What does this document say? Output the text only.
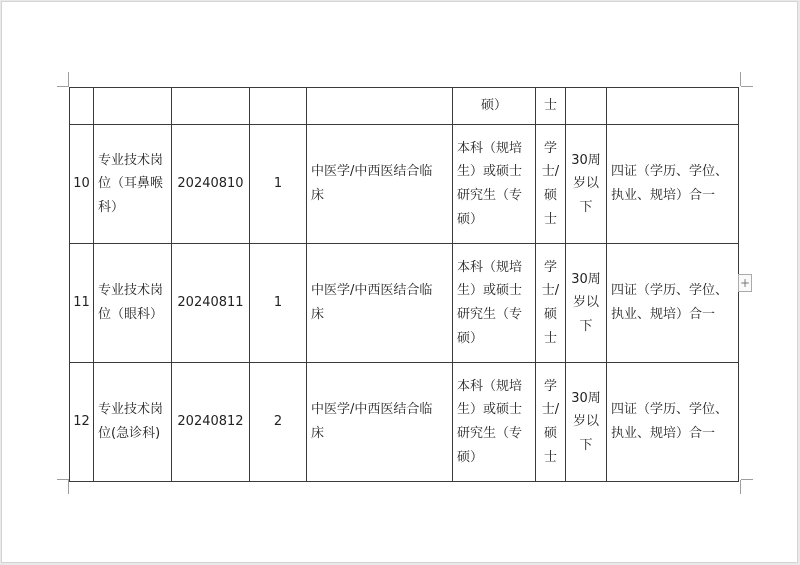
					硕）	士		
10	专业技术岗
位（耳鼻喉
科）	20240810	1	中医学/中西医结合临
床	本科（规培
生）或硕士
研究生（专
硕）	学
士/
硕
士	30周
岁以
下	四证（学历、学位、
执业、规培）合一

11	专业技术岗
位（眼科）	20240811	1	中医学/中西医结合临
床	本科（规培
生）或硕士
研究生（专
硕）	学
士/
硕
士	30周
岁以
下	四证（学历、学位、
执业、规培）合一

12	专业技术岗
位(急诊科)	20240812	2	中医学/中西医结合临
床	本科（规培
生）或硕士
研究生（专
硕）	学
士/
硕
士	30周
岁以
下	四证（学历、学位、
执业、规培）合一
+
